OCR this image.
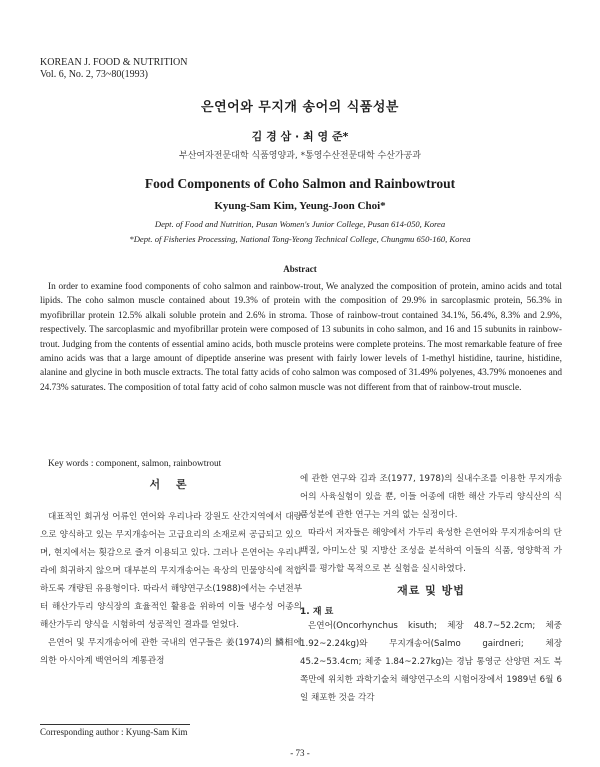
KOREAN J. FOOD & NUTRITION
Vol. 6, No. 2, 73~80(1993)
은연어와 무지개 송어의 식품성분
김 경 삼 · 최 영 준*
부산여자전문대학 식품영양과, *통영수산전문대학 수산가공과
Food Components of Coho Salmon and Rainbowtrout
Kyung-Sam Kim, Yeung-Joon Choi*
Dept. of Food and Nutrition, Pusan Women's Junior College, Pusan 614-050, Korea
*Dept. of Fisheries Processing, National Tong-Yeong Technical College, Chungmu 650-160, Korea
Abstract

In order to examine food components of coho salmon and rainbow-trout, We analyzed the composition of protein, amino acids and total lipids. The coho salmon muscle contained about 19.3% of protein with the composition of 29.9% in sarcoplasmic protein, 56.3% in myofibrillar protein 12.5% alkali soluble protein and 2.6% in stroma. Those of rainbow-trout contained 34.1%, 56.4%, 8.3% and 2.9%, respectively. The sarcoplasmic and myofibrillar protein were composed of 13 subunits in coho salmon, and 16 and 15 subunits in rainbow-trout. Judging from the contents of essential amino acids, both muscle proteins were complete proteins. The most remarkable feature of free amino acids was that a large amount of dipeptide anserine was present with fairly lower levels of 1-methyl histidine, taurine, histidine, alanine and glycine in both muscle extracts. The total fatty acids of coho salmon was composed of 31.49% polyenes, 43.79% monoenes and 24.73% saturates. The composition of total fatty acid of coho salmon muscle was not different from that of rainbow-trout muscle.

Key words : component, salmon, rainbowtrout

서 론

대표적인 회귀성 어류인 연어와 우리나라 강원도 산간지역에서 대량으로 양식하고 있는 무지개송어는 고급요리의 소재로써 공급되고 있으며, 현지에서는 횟감으로 즐겨 이용되고 있다. 그러나 은연어는 우리나라에 희귀하지 않으며 대부분의 무지개송어는 육상의 민물양식에 적합하도록 개량된 유용형이다. 따라서 해양연구소(1988)에서는 수년전부터 해산가두리 양식장의 효율적인 활용을 위하여 이들 냉수성 어종의 해산가두리 양식을 시험하여 성공적인 결과를 얻었다.

은연어 및 무지개송어에 관한 국내의 연구들은 姜(1974)의 鱗相에 의한 아시아계 백연어의 계통관정

에 관한 연구와 김과 조(1977, 1978)의 실내수조를 이용한 무지개송어의 사육실험이 있을 뿐, 이들 어종에 대한 해산 가두리 양식산의 식품성분에 관한 연구는 거의 없는 실정이다.

따라서 저자들은 해양에서 가두리 육성한 은연어와 무지개송어의 단백질, 아미노산 및 지방산 조성을 분석하여 이들의 식품, 영양학적 가치를 평가할 목적으로 본 실험을 실시하였다.

재료 및 방법

1. 재 료

은연어(Oncorhynchus kisuth; 체장 48.7~52.2cm; 체중 1.92~2.24kg)와 무지개송어(Salmo gairdneri; 체장 45.2~53.4cm; 체중 1.84~2.27kg)는 경남 통영군 산양면 저도 북쪽만에 위치한 과학기술처 해양연구소의 시험어장에서 1989년 6월 6일 채포한 것을 각각

Corresponding author : Kyung-Sam Kim
- 73 -
